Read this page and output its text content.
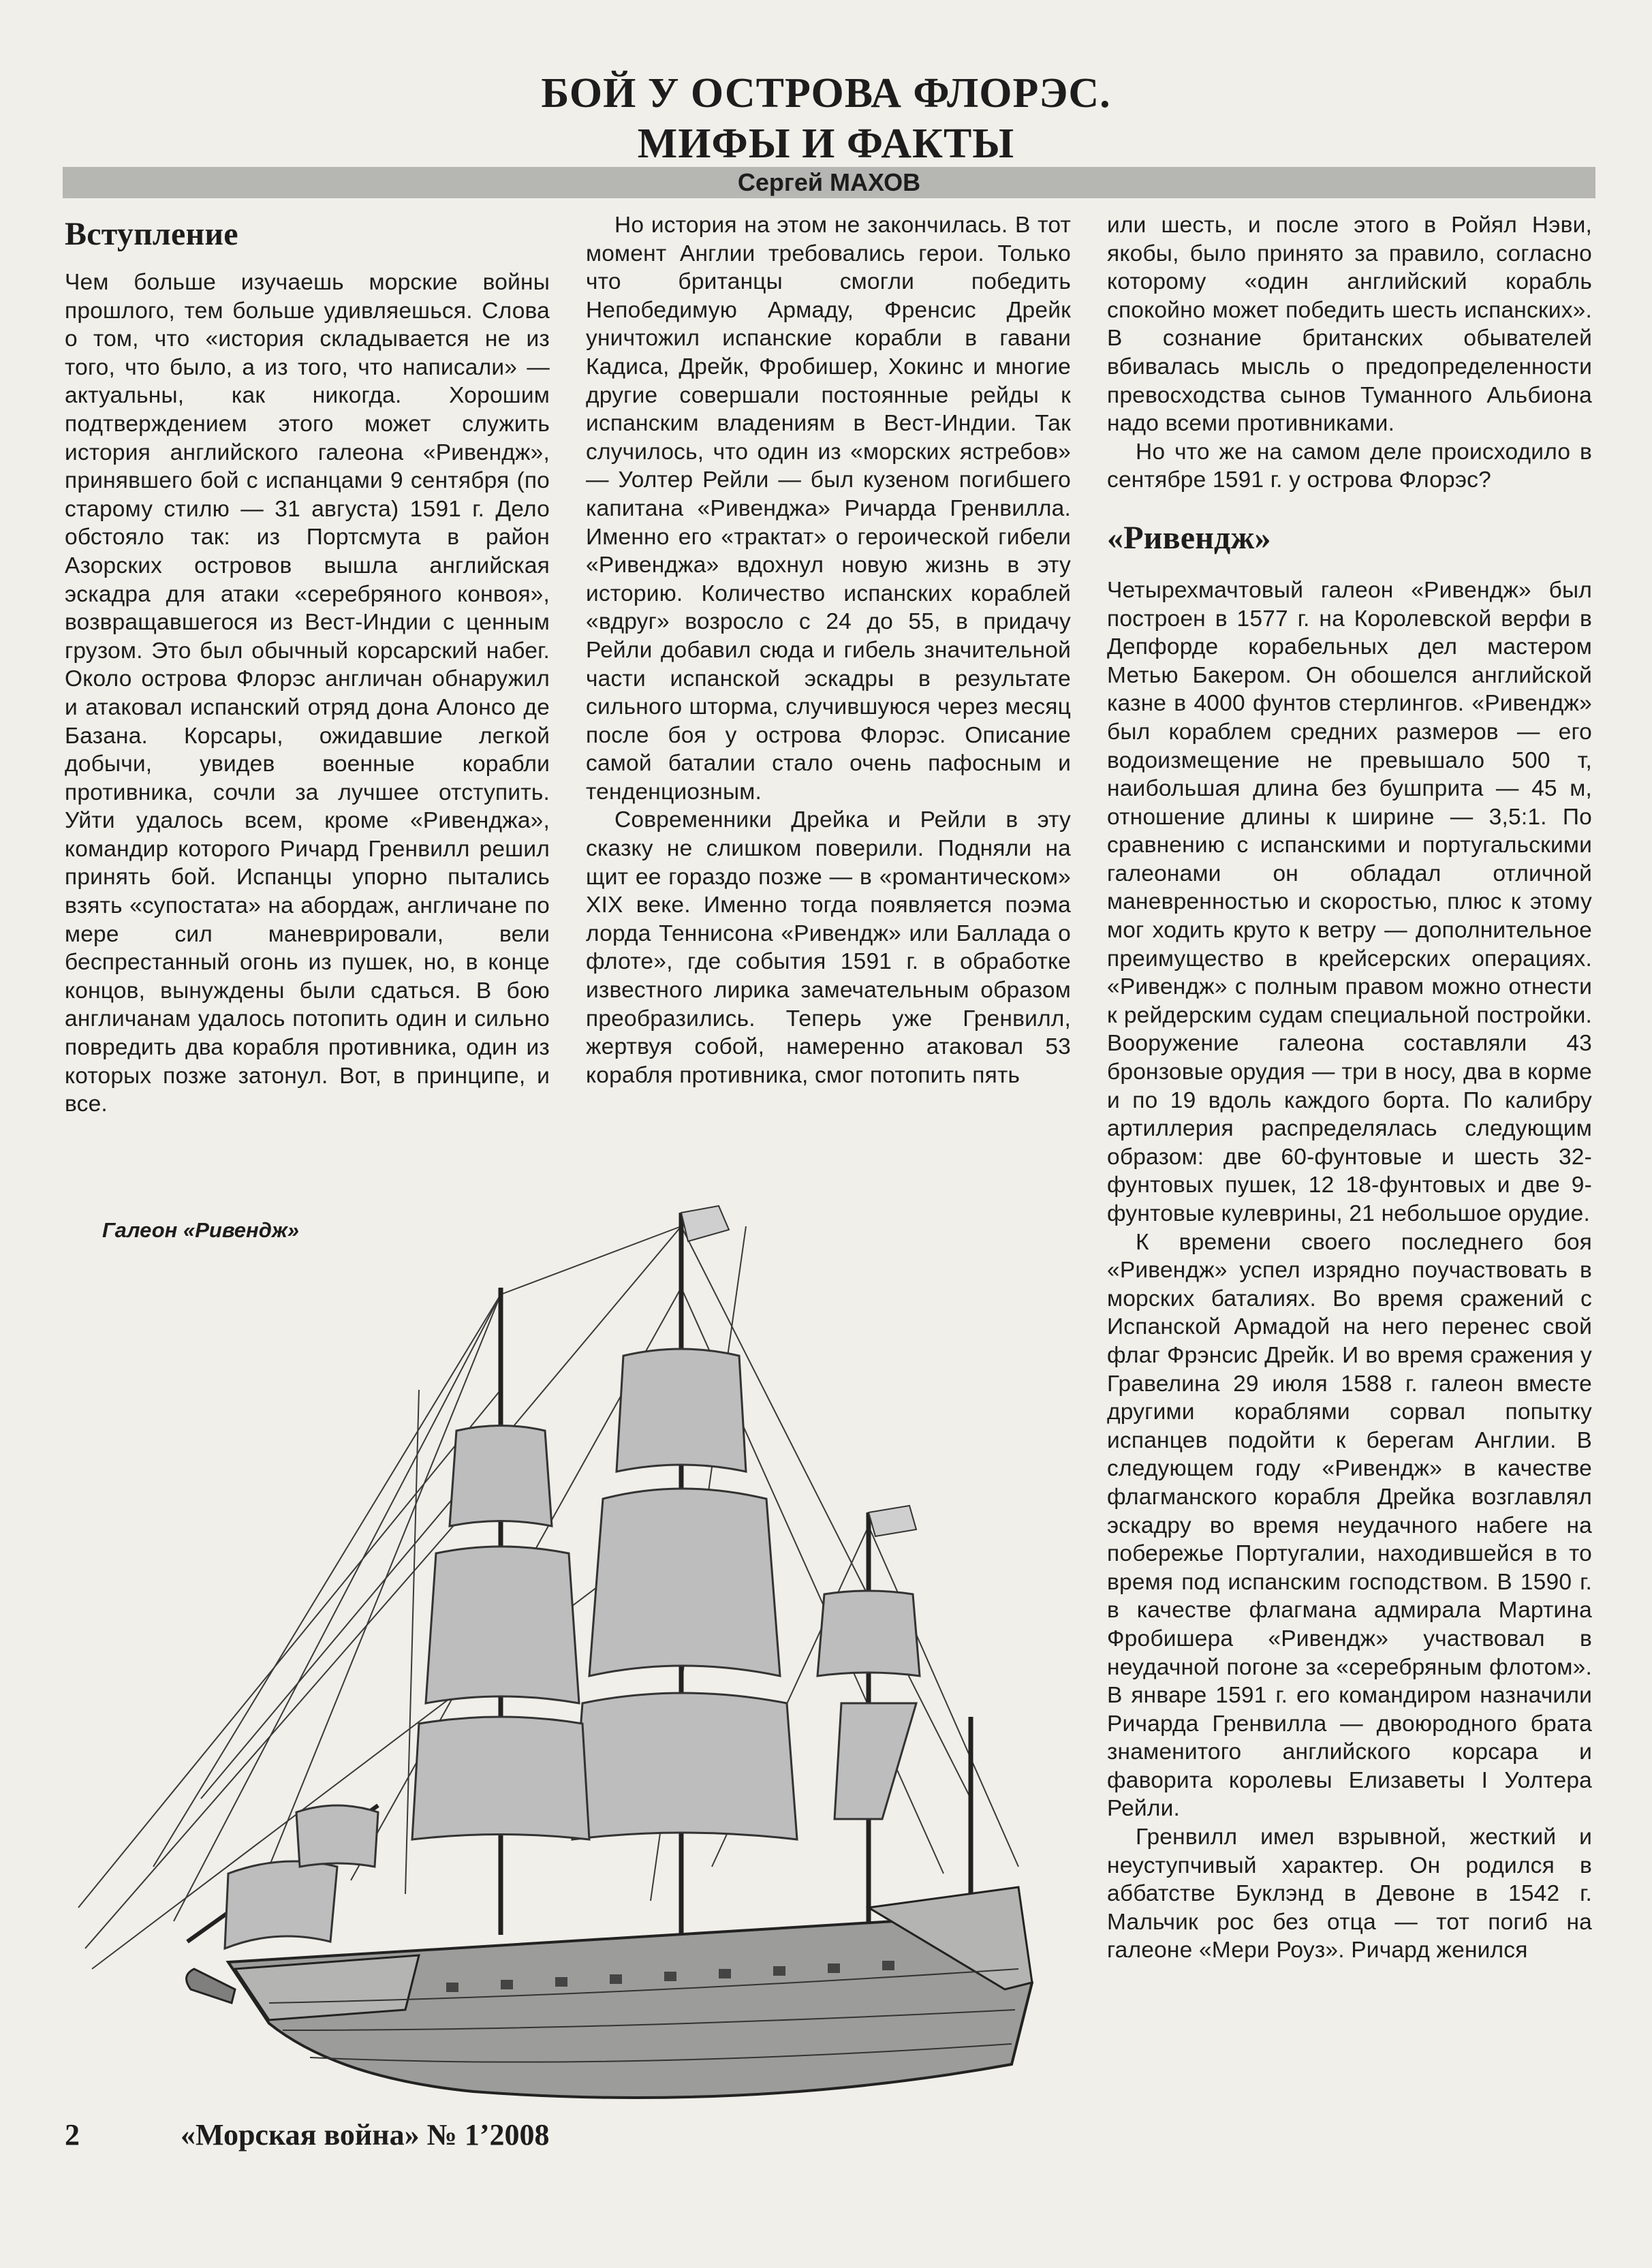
БОЙ У ОСТРОВА ФЛОРЭС.
МИФЫ И ФАКТЫ
Сергей МАХОВ
Вступление

Чем больше изучаешь морские войны прошлого, тем больше удивляешься. Слова о том, что «история складывается не из того, что было, а из того, что написали» — актуальны, как никогда. Хорошим подтверждением этого может служить история английского галеона «Ривендж», принявшего бой с испанцами 9 сентября (по старому стилю — 31 августа) 1591 г. Дело обстояло так: из Портсмута в район Азорских островов вышла английская эскадра для атаки «серебряного конвоя», возвращавшегося из Вест-Индии с ценным грузом. Это был обычный корсарский набег. Около острова Флорэс англичан обнаружил и атаковал испанский отряд дона Алонсо де Базана. Корсары, ожидавшие легкой добычи, увидев военные корабли противника, сочли за лучшее отступить. Уйти удалось всем, кроме «Ривенджа», командир которого Ричард Гренвилл решил принять бой. Испанцы упорно пытались взять «супостата» на абордаж, англичане по мере сил маневрировали, вели беспрестанный огонь из пушек, но, в конце концов, вынуждены были сдаться. В бою англичанам удалось потопить один и сильно повредить два корабля противника, один из которых позже затонул. Вот, в принципе, и все.

Но история на этом не закончилась. В тот момент Англии требовались герои. Только что британцы смогли победить Непобедимую Армаду, Френсис Дрейк уничтожил испанские корабли в гавани Кадиса, Дрейк, Фробишер, Хокинс и многие другие совершали постоянные рейды к испанским владениям в Вест-Индии. Так случилось, что один из «морских ястребов» — Уолтер Рейли — был кузеном погибшего капитана «Ривенджа» Ричарда Гренвилла. Именно его «трактат» о героической гибели «Ривенджа» вдохнул новую жизнь в эту историю. Количество испанских кораблей «вдруг» возросло с 24 до 55, в придачу Рейли добавил сюда и гибель значительной части испанской эскадры в результате сильного шторма, случившуюся через месяц после боя у острова Флорэс. Описание самой баталии стало очень пафосным и тенденциозным.

Современники Дрейка и Рейли в эту сказку не слишком поверили. Подняли на щит ее гораздо позже — в «романтическом» XIX веке. Именно тогда появляется поэма лорда Теннисона «Ривендж» или Баллада о флоте», где события 1591 г. в обработке известного лирика замечательным образом преобразились. Теперь уже Гренвилл, жертвуя собой, намеренно атаковал 53 корабля противника, смог потопить пять

или шесть, и после этого в Ройял Нэви, якобы, было принято за правило, согласно которому «один английский корабль спокойно может победить шесть испанских». В сознание британских обывателей вбивалась мысль о предопределенности превосходства сынов Туманного Альбиона надо всеми противниками.

Но что же на самом деле происходило в сентябре 1591 г. у острова Флорэс?

«Ривендж»

Четырехмачтовый галеон «Ривендж» был построен в 1577 г. на Королевской верфи в Депфорде корабельных дел мастером Метью Бакером. Он обошелся английской казне в 4000 фунтов стерлингов. «Ривендж» был кораблем средних размеров — его водоизмещение не превышало 500 т, наибольшая длина без бушприта — 45 м, отношение длины к ширине — 3,5:1. По сравнению с испанскими и португальскими галеонами он обладал отличной маневренностью и скоростью, плюс к этому мог ходить круто к ветру — дополнительное преимущество в крейсерских операциях. «Ривендж» с полным правом можно отнести к рейдерским судам специальной постройки. Вооружение галеона составляли 43 бронзовые орудия — три в носу, два в корме и по 19 вдоль каждого борта. По калибру артиллерия распределялась следующим образом: две 60-фунтовые и шесть 32-фунтовых пушек, 12 18-фунтовых и две 9-фунтовые кулеврины, 21 небольшое орудие.

К времени своего последнего боя «Ривендж» успел изрядно поучаствовать в морских баталиях. Во время сражений с Испанской Армадой на него перенес свой флаг Фрэнсис Дрейк. И во время сражения у Гравелина 29 июля 1588 г. галеон вместе другими кораблями сорвал попытку испанцев подойти к берегам Англии. В следующем году «Ривендж» в качестве флагманского корабля Дрейка возглавлял эскадру во время неудачного набеге на побережье Португалии, находившейся в то время под испанским господством. В 1590 г. в качестве флагмана адмирала Мартина Фробишера «Ривендж» участвовал в неудачной погоне за «серебряным флотом». В январе 1591 г. его командиром назначили Ричарда Гренвилла — двоюродного брата знаменитого английского корсара и фаворита королевы Елизаветы I Уолтера Рейли.

Гренвилл имел взрывной, жесткий и неуступчивый характер. Он родился в аббатстве Буклэнд в Девоне в 1542 г. Мальчик рос без отца — тот погиб на галеоне «Мери Роуз». Ричард женился

Галеон «Ривендж»
2	«Морская война» № 1’2008
